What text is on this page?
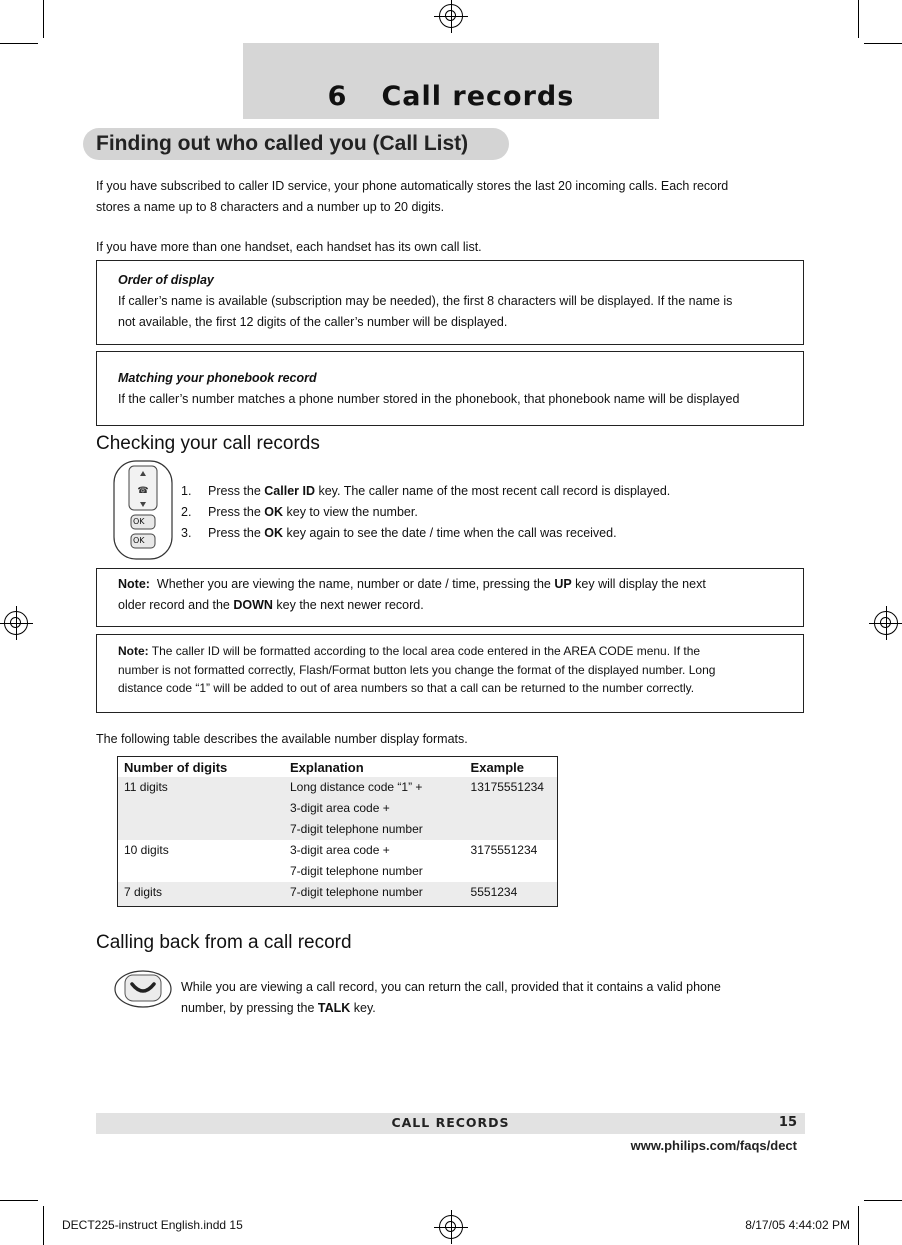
6 Call records
Finding out who called you (Call List)
If you have subscribed to caller ID service, your phone automatically stores the last 20 incoming calls. Each record
stores a name up to 8 characters and a number up to 20 digits.
If you have more than one handset, each handset has its own call list.
Order of display
If caller’s name is available (subscription may be needed), the first 8 characters will be displayed. If the name is
not available, the first 12 digits of the caller’s number will be displayed.
Matching your phonebook record
If the caller’s number matches a phone number stored in the phonebook, that phonebook name will be displayed
Checking your call records
☎
OK
OK
1.	Press the Caller ID key. The caller name of the most recent call record is displayed.
2.	Press the OK key to view the number.
3.	Press the OK key again to see the date / time when the call was received.
Note:  Whether you are viewing the name, number or date / time, pressing the UP key will display the next
older record and the DOWN key the next newer record.
Note: The caller ID will be formatted according to the local area code entered in the AREA CODE menu. If the
number is not formatted correctly, Flash/Format button lets you change the format of the displayed number. Long
distance code “1” will be added to out of area numbers so that a call can be returned to the number correctly.
The following table describes the available number display formats.
Number of digits	Explanation	Example
11 digits	Long distance code “1” +
3-digit area code +
7-digit telephone number	13175551234
10 digits	3-digit area code +
7-digit telephone number	3175551234
7 digits	7-digit telephone number	5551234
Calling back from a call record
While you are viewing a call record, you can return the call, provided that it contains a valid phone
number, by pressing the TALK key.
CALL RECORDS	15
www.philips.com/faqs/dect
DECT225-instruct English.indd 15	8/17/05 4:44:02 PM
